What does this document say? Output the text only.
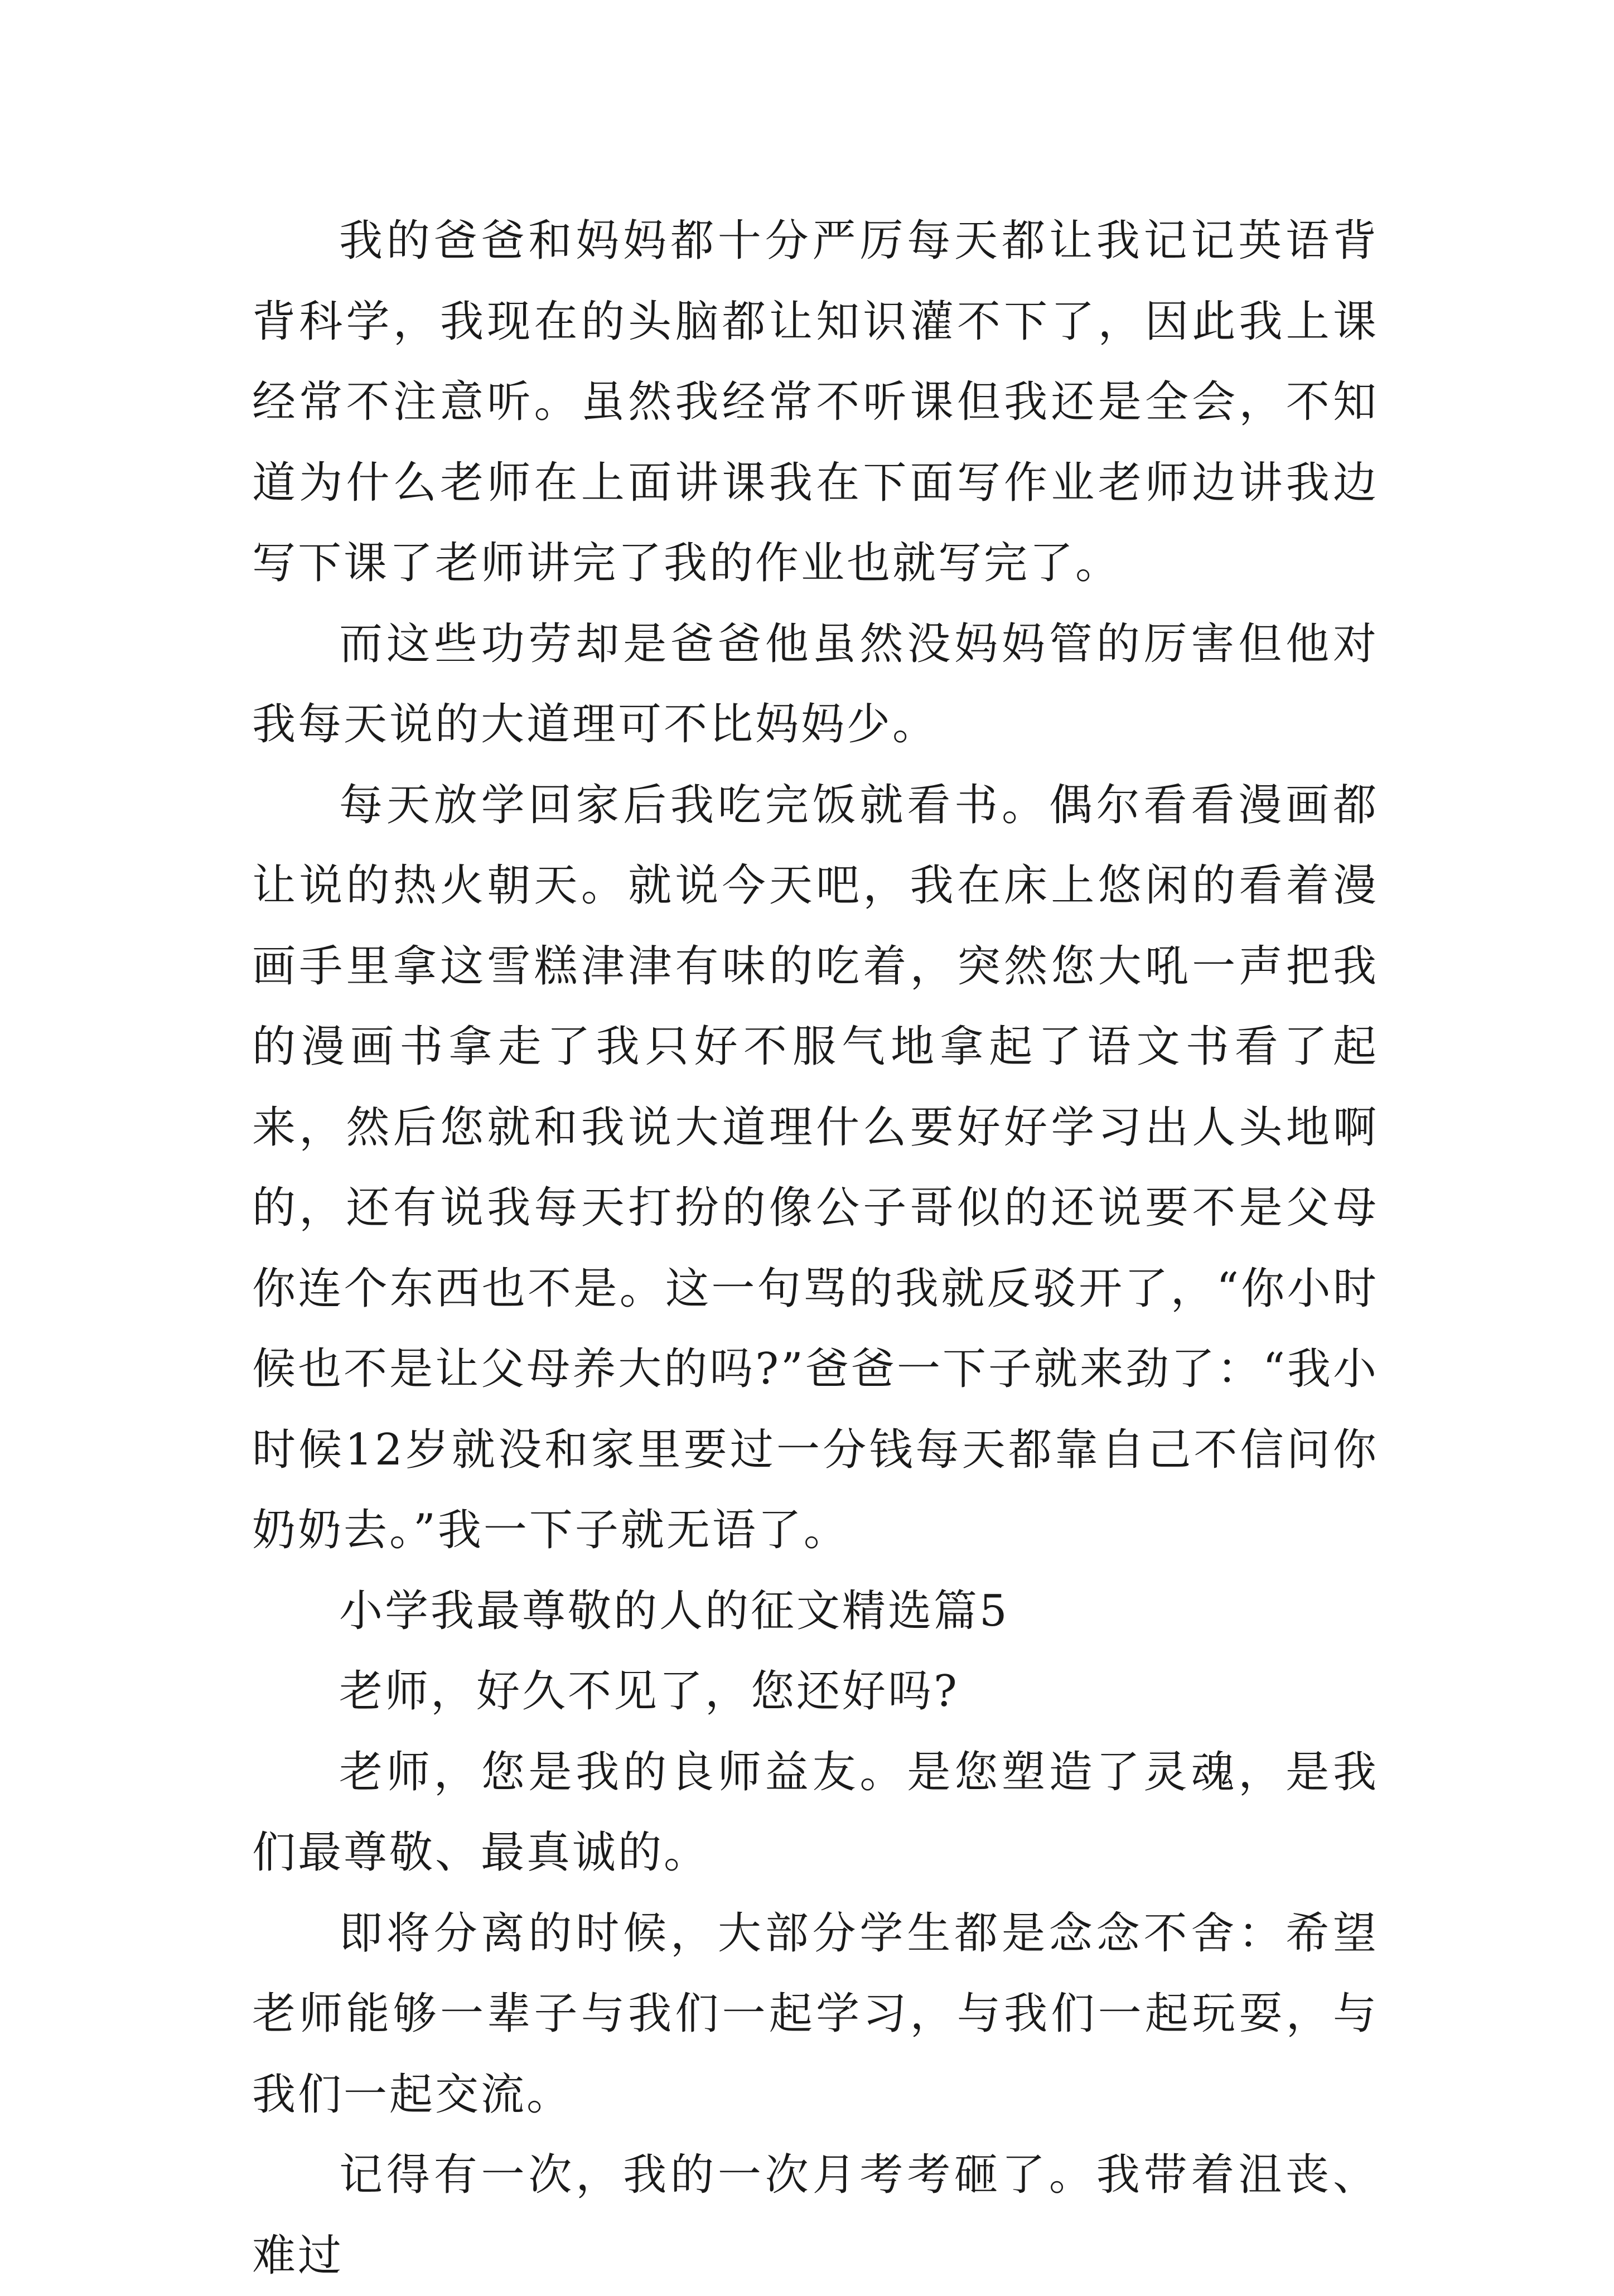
我的爸爸和妈妈都十分严厉每天都让我记记英语背背科学，我现在的头脑都让知识灌不下了，因此我上课经常不注意听。虽然我经常不听课但我还是全会，不知道为什么老师在上面讲课我在下面写作业老师边讲我边写下课了老师讲完了我的作业也就写完了。

而这些功劳却是爸爸他虽然没妈妈管的厉害但他对我每天说的大道理可不比妈妈少。

每天放学回家后我吃完饭就看书。偶尔看看漫画都让说的热火朝天。就说今天吧，我在床上悠闲的看着漫画手里拿这雪糕津津有味的吃着，突然您大吼一声把我的漫画书拿走了我只好不服气地拿起了语文书看了起来，然后您就和我说大道理什么要好好学习出人头地啊的，还有说我每天打扮的像公子哥似的还说要不是父母你连个东西也不是。这一句骂的我就反驳开了，“你小时候也不是让父母养大的吗?”爸爸一下子就来劲了：“我小时候12岁就没和家里要过一分钱每天都靠自己不信问你奶奶去。”我一下子就无语了。

小学我最尊敬的人的征文精选篇5

老师，好久不见了，您还好吗?

老师，您是我的良师益友。是您塑造了灵魂，是我们最尊敬、最真诚的。

即将分离的时候，大部分学生都是念念不舍：希望老师能够一辈子与我们一起学习，与我们一起玩耍，与我们一起交流。

记得有一次，我的一次月考考砸了。我带着沮丧、难过
